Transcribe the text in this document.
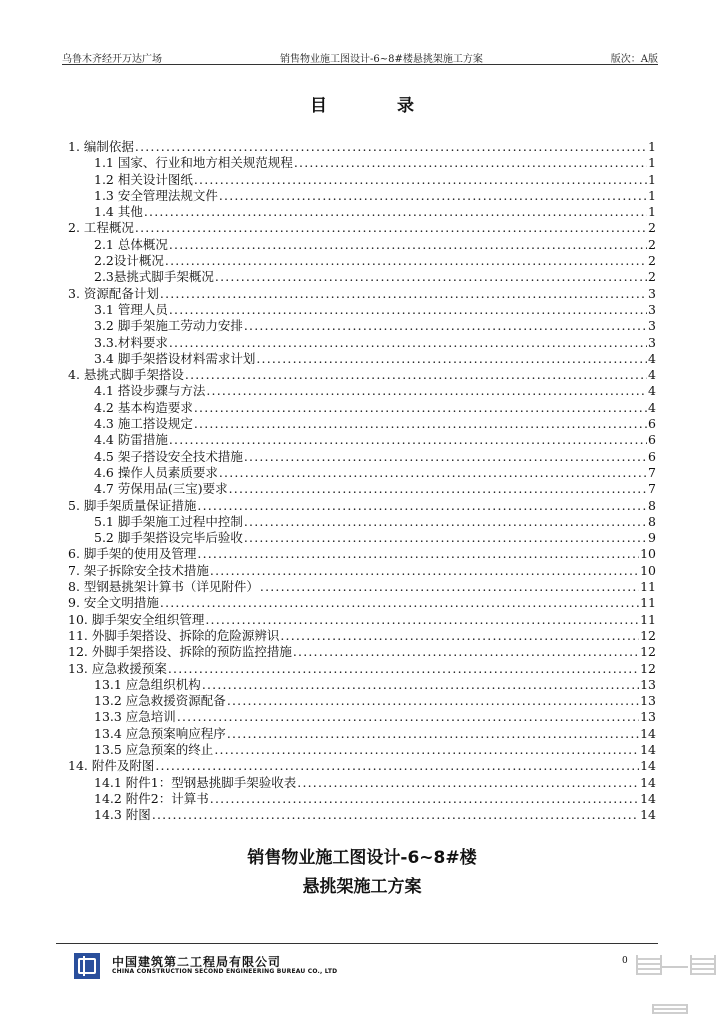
乌鲁木齐经开万达广场	销售物业施工图设计-6~8#楼悬挑架施工方案	版次：A版
目	录
1. 编制依据 .....	1
1.1 国家、行业和地方相关规范规程 .....	1
1.2 相关设计图纸 .....	1
1.3 安全管理法规文件 .....	1
1.4 其他 .....	1
2. 工程概况 .....	2
2.1 总体概况 .....	2
2.2设计概况 .....	2
2.3悬挑式脚手架概况 .....	2
3. 资源配备计划 .....	3
3.1 管理人员 .....	3
3.2 脚手架施工劳动力安排 .....	3
3.3.材料要求 .....	3
3.4 脚手架搭设材料需求计划 .....	4
4. 悬挑式脚手架搭设 .....	4
4.1 搭设步骤与方法 .....	4
4.2 基本构造要求 .....	4
4.3 施工搭设规定 .....	6
4.4 防雷措施 .....	6
4.5 架子搭设安全技术措施 .....	6
4.6 操作人员素质要求 .....	7
4.7 劳保用品(三宝)要求 .....	7
5. 脚手架质量保证措施 .....	8
5.1 脚手架施工过程中控制 .....	8
5.2 脚手架搭设完毕后验收 .....	9
6. 脚手架的使用及管理 .....	10
7. 架子拆除安全技术措施 .....	10
8. 型钢悬挑架计算书（详见附件） .....	11
9. 安全文明措施 .....	11
10. 脚手架安全组织管理 .....	11
11. 外脚手架搭设、拆除的危险源辨识 .....	12
12. 外脚手架搭设、拆除的预防监控措施 .....	12
13. 应急救援预案 .....	12
13.1 应急组织机构 .....	13
13.2 应急救援资源配备 .....	13
13.3 应急培训 .....	13
13.4 应急预案响应程序 .....	14
13.5 应急预案的终止 .....	14
14. 附件及附图 .....	14
14.1 附件1：型钢悬挑脚手架验收表 .....	14
14.2 附件2：计算书 .....	14
14.3 附图 .....	14
销售物业施工图设计-6~8#楼
悬挑架施工方案
中国建筑第二工程局有限公司
CHINA CONSTRUCTION SECOND ENGINEERING BUREAU CO., LTD
0
